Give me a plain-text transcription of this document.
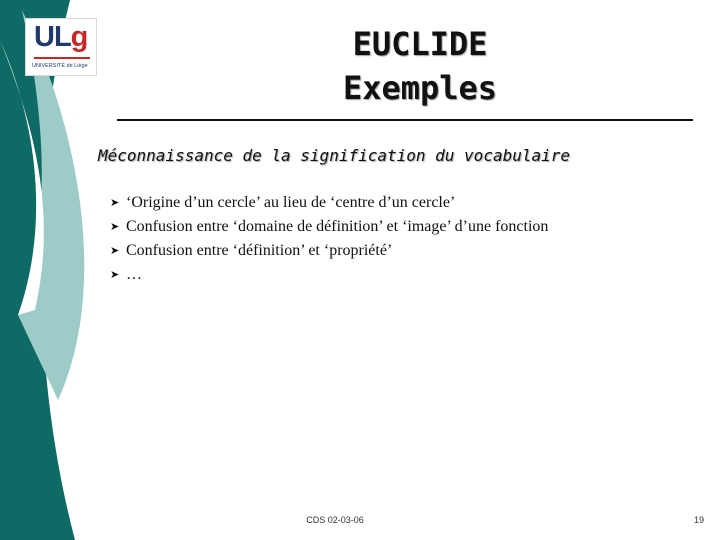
ULg
UNIVERSITÉ de Liège
EUCLIDE
Exemples
Méconnaissance de la signification du vocabulaire
➤ ‘Origine d’un cercle’ au lieu de ‘centre d’un cercle’
➤ Confusion entre ‘domaine de définition’ et ‘image’ d’une fonction
➤ Confusion entre ‘définition’ et ‘propriété’
➤ …
CDS 02-03-06	19
